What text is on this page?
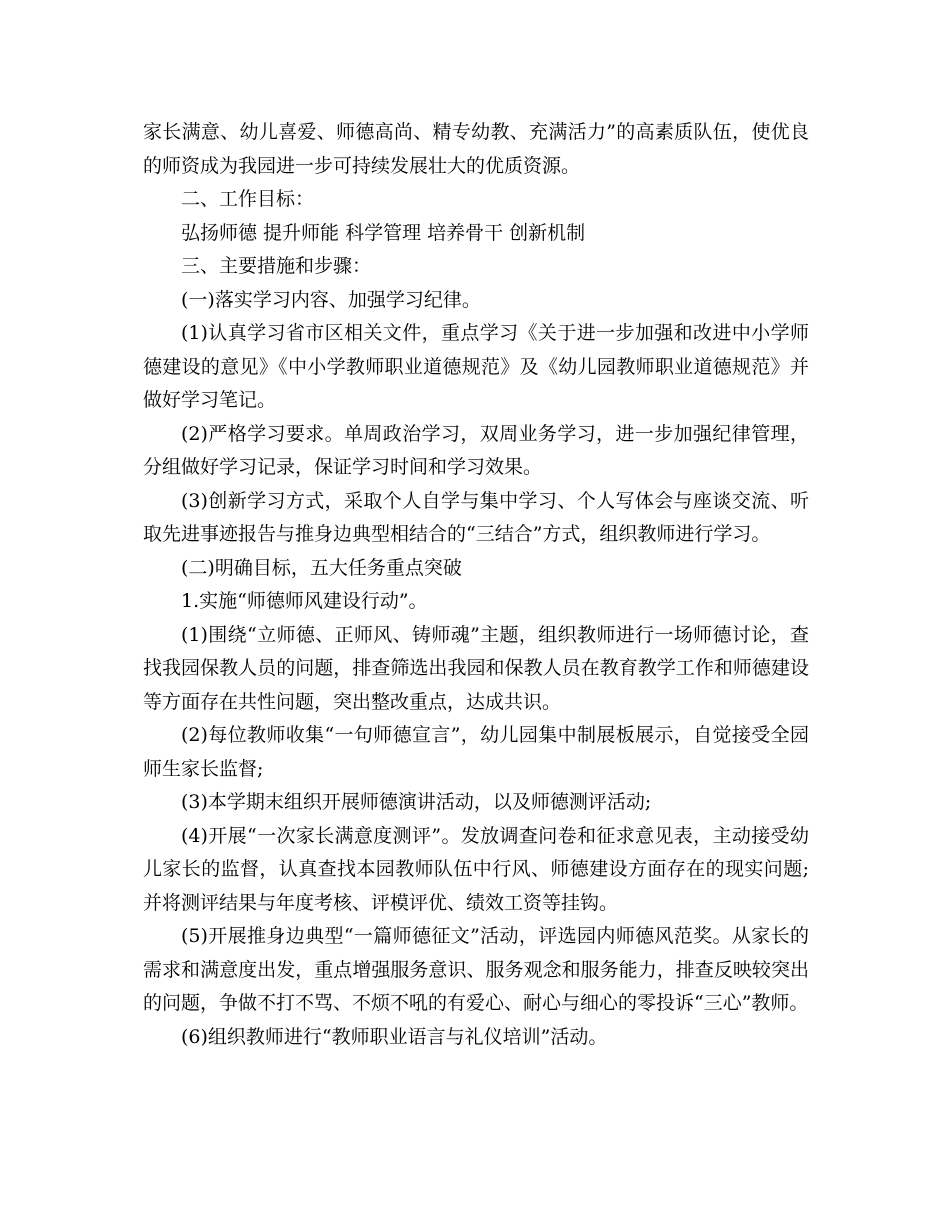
家长满意、幼儿喜爱、师德高尚、精专幼教、充满活力”的高素质队伍，使优良的师资成为我园进一步可持续发展壮大的优质资源。

二、工作目标：

弘扬师德 提升师能 科学管理 培养骨干 创新机制

三、主要措施和步骤：

(一)落实学习内容、加强学习纪律。

(1)认真学习省市区相关文件，重点学习《关于进一步加强和改进中小学师德建设的意见》《中小学教师职业道德规范》及《幼儿园教师职业道德规范》并做好学习笔记。

(2)严格学习要求。单周政治学习，双周业务学习，进一步加强纪律管理，分组做好学习记录，保证学习时间和学习效果。

(3)创新学习方式，采取个人自学与集中学习、个人写体会与座谈交流、听取先进事迹报告与推身边典型相结合的“三结合”方式，组织教师进行学习。

(二)明确目标，五大任务重点突破

1.实施“师德师风建设行动”。

(1)围绕“立师德、正师风、铸师魂”主题，组织教师进行一场师德讨论，查找我园保教人员的问题，排查筛选出我园和保教人员在教育教学工作和师德建设等方面存在共性问题，突出整改重点，达成共识。

(2)每位教师收集“一句师德宣言”，幼儿园集中制展板展示，自觉接受全园师生家长监督;

(3)本学期末组织开展师德演讲活动，以及师德测评活动;

(4)开展“一次家长满意度测评”。发放调查问卷和征求意见表，主动接受幼儿家长的监督，认真查找本园教师队伍中行风、师德建设方面存在的现实问题;并将测评结果与年度考核、评模评优、绩效工资等挂钩。

(5)开展推身边典型“一篇师德征文”活动，评选园内师德风范奖。从家长的需求和满意度出发，重点增强服务意识、服务观念和服务能力，排查反映较突出的问题，争做不打不骂、不烦不吼的有爱心、耐心与细心的零投诉“三心”教师。

(6)组织教师进行“教师职业语言与礼仪培训”活动。
